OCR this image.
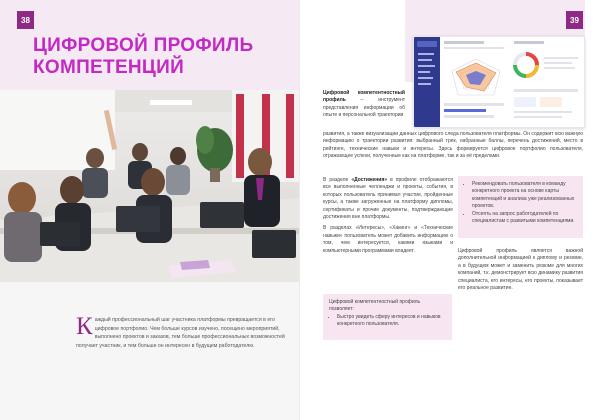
38
ЦИФРОВОЙ ПРОФИЛЬ
КОМПЕТЕНЦИЙ
К аждый профессиональный шаг участника платформы превращается в его цифровое портфолио. Чем больше курсов изучено, посещено мероприятий, выполнено проектов и заказов, тем больше профессиональных возможностей получает участник, и тем больше он интересен в будущем работодателю.
39
Цифровой компетентностный профиль – инструмент представления информации об опыте и персональной траектории
развития, а также визуализации данных цифрового следа пользователя платформы. Он содержит всю важную информацию о траектории развития: выбранный трек, набранные баллы, перечень достижений, место в рейтинге, технические навыки и интересы. Здесь формируется цифровое портфолио пользователя, отражающее успехи, полученные как на платформе, так и за её пределами.
В разделе «Достижения» в профиле отображаются все выполненные челленджи и проекты, события, в которых пользователь принимал участие, пройденные курсы, а также загруженные на платформу дипломы, сертификаты и прочие документы, подтверждающие достижения вне платформы.
В разделах «Интересы», «Хакинг» и «Технические навыки» пользователь может добавить информацию о том, чем интересуется, какими языками и компьютерными программами владеет.
• Рекомендовать пользователя в команду конкретного проекта на основе карты компетенций и анализа уже реализованных проектов.
• Отсеять на запрос работодателей по специалистам с развитыми компетенциями.
Цифровой профиль является важной дополнительной информацией к диплому и резюме, а в будущем может и заменить резюме для многих компаний, т.к. демонстрирует всю динамику развития специалиста, его интересы, его проекты, показывает его реальное развитие.
Цифровой компетентностный профиль позволяет:
• Быстро увидеть сферу интересов и навыков конкретного пользователя.
